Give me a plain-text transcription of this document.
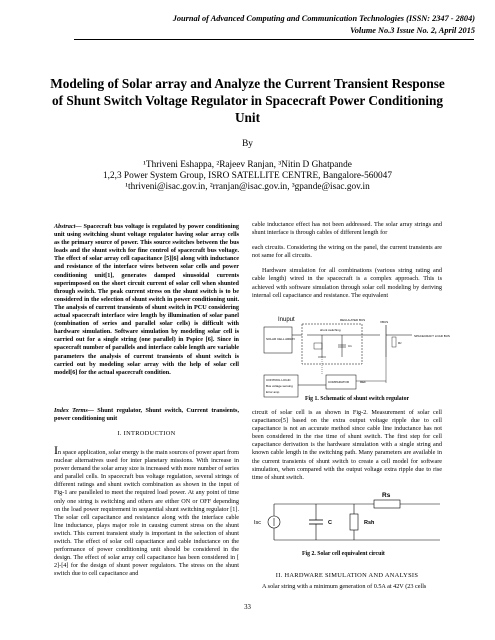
Journal of Advanced Computing and Communication Technologies (ISSN: 2347 - 2804)
Volume No.3 Issue No. 2, April 2015
Modeling of Solar array and Analyze the Current Transient Response of Shunt Switch Voltage Regulator in Spacecraft Power Conditioning Unit
By
¹Thriveni Eshappa, ²Rajeev Ranjan, ³Nitin D Ghatpande
1,2,3 Power System Group, ISRO SATELLITE CENTRE, Bangalore-560047
¹thriveni@isac.gov.in, ²rranjan@isac.gov.in, ³gpande@isac.gov.in
Abstract— Spacecraft bus voltage is regulated by power conditioning unit using switching shunt voltage regulator having solar array cells as the primary source of power. This source switches between the bus loads and the shunt switch for fine control of spacecraft bus voltage. The effect of solar array cell capacitance [5][6] along with inductance and resistance of the interface wires between solar cells and power conditioning unit[1], generates damped sinusoidal currents superimposed on the short circuit current of solar cell when shunted through switch. The peak current stress on the shunt switch is to be considered in the selection of shunt switch in power conditioning unit. The analysis of current transients of shunt switch in PCU considering actual spacecraft interface wire length by illumination of solar panel (combination of series and parallel solar cells) is difficult with hardware simulation. Software simulation by modeling solar cell is carried out for a single string (one parallel) in Pspice [6]. Since in spacecraft number of parallels and interface cable length are variable parameters the analysis of current transients of shunt switch is carried out by modeling solar array with the help of solar cell model[6] for the actual spacecraft condition.
Index Terms— Shunt regulator, Shunt switch, Current transients, power conditioning unit
I. INTRODUCTION
In space application, solar energy is the main sources of power apart from nuclear alternatives used for inter planetary missions. With increase in power demand the solar array size is increased with more number of series and parallel cells. In spacecraft bus voltage regulation, several strings of different ratings and shunt switch combination as shown in the input of Fig-1 are paralleled to meet the required load power. At any point of time only one string is switching and others are either ON or OFF depending on the load power requirement in sequential shunt switching regulator [1]. The solar cell capacitance and resistance along with the interface cable line inductance, plays major role in causing current stress on the shunt switch. This current transient study is important in the selection of shunt switch. The effect of solar cell capacitance and cable inductance on the performance of power conditioning unit should be considered in the design. The effect of solar array cell capacitance has been considered in [ 2]-[4] for the design of shunt power regulators. The stress on the shunt switch due to cell capacitance and

cable inductance effect has not been addressed. The solar array strings and shunt interface is through cables of different length for

each circuits. Considering the wiring on the panel, the current transients are not same for all circuits.

Hardware simulation for all combinations (various string rating and cable length) wired in the spacecraft is a complex approach. This is achieved with software simulation through solar cell modeling by deriving internal cell capacitance and resistance. The equivalent

Inuput
SOLAR CELL ARRAY
shunt switching
C1
VBUS
Rz
SPACECRAFT LOAD BUS
REGULATED BUS
CONTROL LOGIC
Bus voltage sensing
Error amp
COMPARATOR	REF
Fig 1. Schematic of shunt switch regulator

circuit of solar cell is as shown in Fig-2. Measurement of solar cell capacitance[5] based on the extra output voltage ripple due to cell capacitance is not an accurate method since cable line inductance has not been considered in the rise time of shunt switch. The first step for cell capacitance derivation is the hardware simulation with a single string and known cable length in the switching path. Many parameters are available in the current transients of shunt switch to create a cell model for software simulation, when compared with the output voltage extra ripple due to rise time of shunt switch.

Rs
Isc	C	Rsh
Fig 2. Solar cell equivalent circuit
II. HARDWARE SIMULATION AND ANALYSIS

A solar string with a minimum generation of 0.5A at 42V (23 cells

33
